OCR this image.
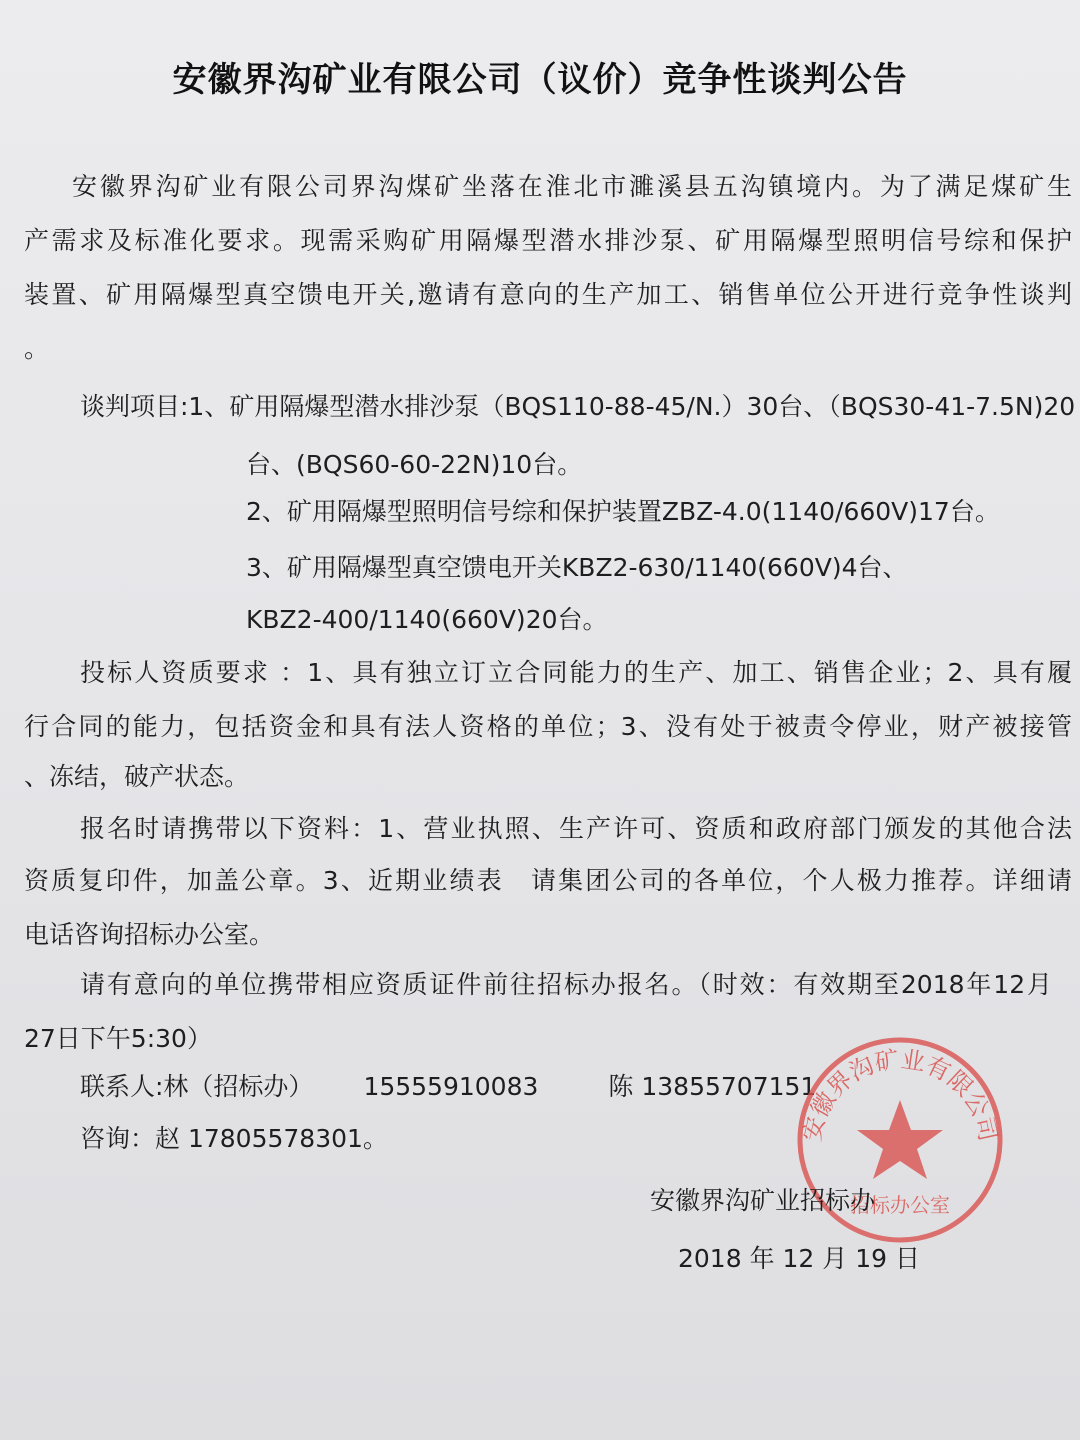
安徽界沟矿业有限公司（议价）竞争性谈判公告
安徽界沟矿业有限公司界沟煤矿坐落在淮北市濉溪县五沟镇境内。为了满足煤矿生
产需求及标准化要求。现需采购矿用隔爆型潜水排沙泵、矿用隔爆型照明信号综和保护
装置、矿用隔爆型真空馈电开关,邀请有意向的生产加工、销售单位公开进行竞争性谈判
。
谈判项目:1、矿用隔爆型潜水排沙泵（BQS110-88-45/N.）30台、（BQS30-41-7.5N)20
台、(BQS60-60-22N)10台。
2、矿用隔爆型照明信号综和保护装置ZBZ-4.0(1140/660V)17台。
3、矿用隔爆型真空馈电开关KBZ2-630/1140(660V)4台、
KBZ2-400/1140(660V)20台。
投标人资质要求 ：1、具有独立订立合同能力的生产、加工、销售企业；2、具有履
行合同的能力，包括资金和具有法人资格的单位；3、没有处于被责令停业，财产被接管
、冻结，破产状态。
报名时请携带以下资料：1、营业执照、生产许可、资质和政府部门颁发的其他合法
资质复印件，加盖公章。3、近期业绩表　请集团公司的各单位，个人极力推荐。详细请
电话咨询招标办公室。
请有意向的单位携带相应资质证件前往招标办报名。（时效：有效期至2018年12月
27日下午5:30）
联系人:林（招标办） 15555910083	陈 13855707151
咨询：赵 17805578301。	安徽界沟矿业有限公司
招标办公室
安徽界沟矿业招标办
2018 年 12 月 19 日
